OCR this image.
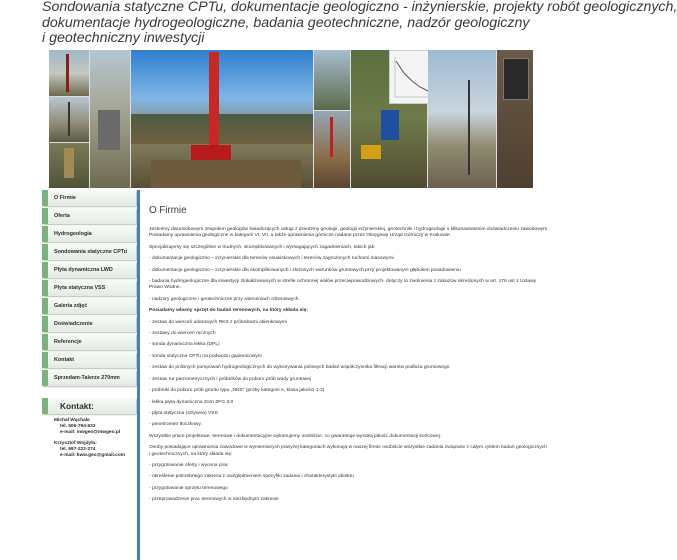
Sondowania statyczne CPTu, dokumentacje geologiczno - inżynierskie, projekty robót geologicznych,
dokumentacje hydrogeologiczne, badania geotechniczne, nadzór geologiczny
i geotechniczny inwestycji
O Firmie
Oferta
Hydrogeologia
Sondowania statyczne CPTu
Płyta dynamiczna LWD
Płyta statyczna VSS
Galeria zdjęć
Doświadczenie
Referencje
Kontakt
Sprzedam-Talerze 270mm
Kontakt:
Michał Wąchała
tel. 506-794-533
e-mail: mwgeo@mwgeo.pl
Krzysztof Wojdyła:
tel. 697-222-274
e-mail: kww.geo@gmail.com
O Firmie

Jesteśmy dwuosobowym zespołem geologów świadczących usługi z dziedziny geologii, geologii inżynierskiej, geotechniki i hydrogeologii o kilkunastoletnim doświadczeniu zawodowym. Posiadamy uprawnienia geologiczne w kategorii VI, VII, a także uprawnienia górnicze nadane przez Okręgowy Urząd Górniczy w Krakowie.

Specjalizujemy się szczególnie w trudnych, skomplikowanych i wymagających zagadnieniach, takich jak:

- dokumentacje geologiczno – inżynierskie dla terenów osuwiskowych i terenów zagrożonych ruchami masowymi

- dokumentacje geologiczno – inżynierskie dla skomplikowanych i złożonych warunków gruntowych przy projektowanym głębokim posadowieniu

- badania hydrogeologiczne dla inwestycji zlokalizowanych w strefie ochronnej wałów przeciwpowodziowych- dotyczy to zwolnienia z zakazów określonych w art. 176 ust 1 Ustawy Prawo Wodne.

- nadzory geologiczne i geotechniczne przy wierceniach rdzeniowych.

Posiadamy własny sprzęt do badań terenowych, na który składa się:

- zestaw do wierceń udarowych RKS z próbnikami okienkowymi

- zestawy do wierceń ręcznych

- sonda dynamiczna lekka (DPL)

- sonda statyczna CPTu na podwoziu gąsienicowym

- zestaw do próbnych pompowań hydrogeologicznych do wykonywania polowych badań współczynnika filtracji warstw podłoża gruntowego

- zestaw rur piezometrycznych i próbników do poboru prób wody gruntowej

- próbniki do poboru prób gruntu typu „NNS" (próby kategorii A, klasa jakości 1-2)

- lekka płyta dynamiczna Zorn ZFG 3.0

- płyta statyczna (sztywna) VSS

- penetrometr tłoczkowy.

Wszystkie prace projektowe, terenowe i dokumentacyjne wykonujemy osobiście, co gwarantuje wysoką jakość dokumentacji końcowej.

Osoby posiadające uprawnienia zawodowe w wymienionych powyżej kategoriach wykonują w naszej firmie osobiście wszystkie zadania związane z całym cyklem badań geologicznych i geotechnicznych, na który składa się:

- przygotowanie oferty i wycena prac

- określenie potrzebnego zakresu z uwzględnieniem specyfiki zadania i charakterystyki obiektu

- przygotowanie sprzętu terenowego

- przeprowadzenie prac terenowych w niezbędnym zakresie
